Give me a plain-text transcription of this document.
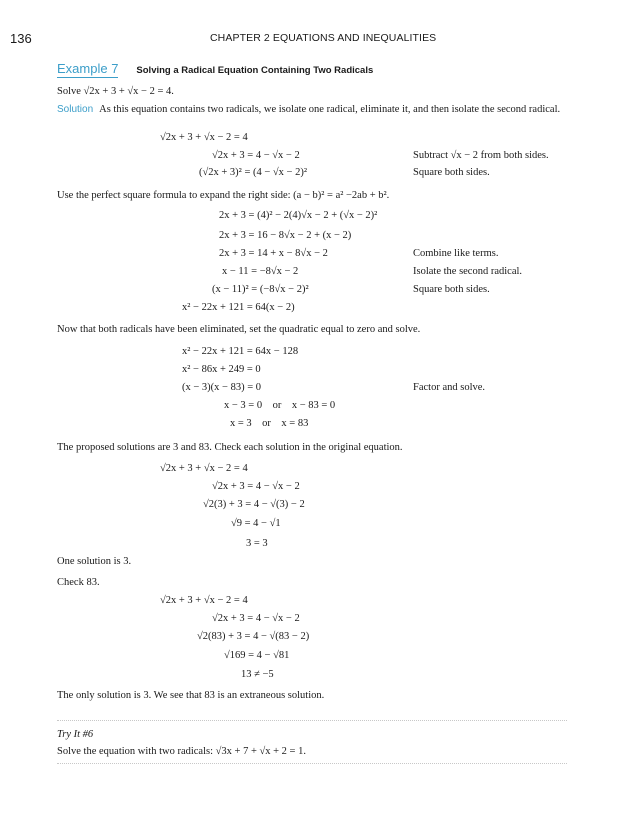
136	CHAPTER 2 EQUATIONS AND INEQUALITIES
Example 7 Solving a Radical Equation Containing Two Radicals
Solve √2x + 3 + √x − 2 = 4.
Solution As this equation contains two radicals, we isolate one radical, eliminate it, and then isolate the second radical.
√2x + 3 + √x − 2 = 4
√2x + 3 = 4 − √x − 2	Subtract √x − 2 from both sides.
(√2x + 3)² = (4 − √x − 2)²	Square both sides.
Use the perfect square formula to expand the right side: (a − b)² = a² −2ab + b².
2x + 3 = (4)² − 2(4)√x − 2 + (√x − 2)²
2x + 3 = 16 − 8√x − 2 + (x − 2)
2x + 3 = 14 + x − 8√x − 2	Combine like terms.
x − 11 = −8√x − 2	Isolate the second radical.
(x − 11)² = (−8√x − 2)²	Square both sides.
x² − 22x + 121 = 64(x − 2)
Now that both radicals have been eliminated, set the quadratic equal to zero and solve.
x² − 22x + 121 = 64x − 128
x² − 86x + 249 = 0
(x − 3)(x − 83) = 0	Factor and solve.
x − 3 = 0    or    x − 83 = 0
x = 3    or    x = 83
The proposed solutions are 3 and 83. Check each solution in the original equation.
√2x + 3 + √x − 2 = 4
√2x + 3 = 4 − √x − 2
√2(3) + 3 = 4 − √(3) − 2
√9 = 4 − √1
3 = 3
One solution is 3.
Check 83.
√2x + 3 + √x − 2 = 4
√2x + 3 = 4 − √x − 2
√2(83) + 3 = 4 − √(83 − 2)
√169 = 4 − √81
13 ≠ −5
The only solution is 3. We see that 83 is an extraneous solution.
Try It #6
Solve the equation with two radicals: √3x + 7 + √x + 2 = 1.
